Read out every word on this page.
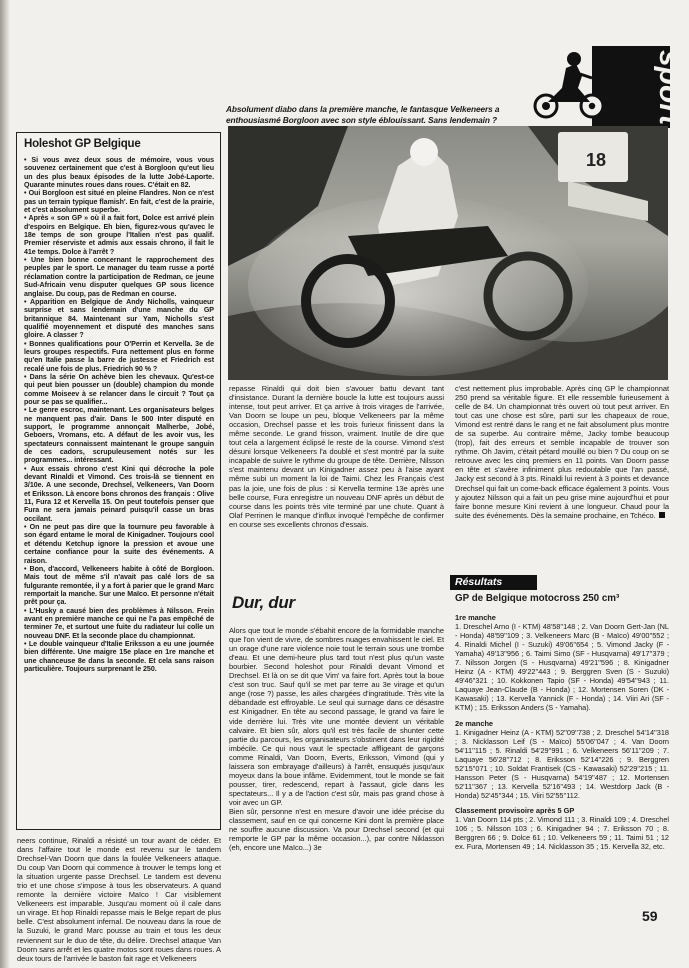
sport
Absolument diabo dans la première manche, le fantasque Velkeneers a enthousiasmé Borgloon avec son style éblouissant. Sans lendemain ?
18
Holeshot GP Belgique

• Si vous avez deux sous de mémoire, vous vous souvenez certainement que c'est à Borgloon qu'eut lieu un des plus beaux épisodes de la lutte Jobé-Laporte. Quarante minutes roues dans roues. C'était en 82.

• Oui Borgloon est situé en pleine Flandres. Non ce n'est pas un terrain typique flamish'. En fait, c'est de la prairie, et c'est absolument superbe.

• Après « son GP » où il a fait fort, Dolce est arrivé plein d'espoirs en Belgique. Eh bien, figurez-vous qu'avec le 18e temps de son groupe l'Italien n'est pas qualif. Premier réserviste et admis aux essais chrono, il fait le 41e temps. Dolce à l'arrêt ?

• Une bien bonne concernant le rapprochement des peuples par le sport. Le manager du team russe a porté réclamation contre la participation de Redman, ce jeune Sud-Africain venu disputer quelques GP sous licence anglaise. Du coup, pas de Redman en course.

• Apparition en Belgique de Andy Nicholls, vainqueur surprise et sans lendemain d'une manche du GP britannique 84. Maintenant sur Yam, Nicholls s'est qualifié moyennement et disputé des manches sans gloire. A classer ?

• Bonnes qualifications pour O'Perrin et Kervella. 3e de leurs groupes respectifs. Fura nettement plus en forme qu'en Italie passe la barre de justesse et Friedrich est recalé une fois de plus. Friedrich 90 % ?

• Dans la série On achève bien les chevaux. Qu'est-ce qui peut bien pousser un (double) champion du monde comme Moiseev à se relancer dans le circuit ? Tout ça pour se pas se qualifier...

• Le genre escroc, maintenant. Les organisateurs belges ne manquent pas d'air. Dans le 500 Inter disputé en support, le programme annonçait Malherbe, Jobé, Geboers, Vromans, etc. A défaut de les avoir vus, les spectateurs connaissent maintenant le groupe sanguin de ces cadors, scrupuleusement notés sur les programmes... intéressant.

• Aux essais chrono c'est Kini qui décroche la pole devant Rinaldi et Vimond. Ces trois-là se tiennent en 3/10e. A une seconde, Drechsel, Velkeneers, Van Doorn et Eriksson. Là encore bons chronos des français : Olive 11, Fura 12 et Kervella 15. On peut toutefois penser que Fura ne sera jamais peinard puisqu'il casse un bras occilant.

• On ne peut pas dire que la tournure peu favorable à son égard entame le moral de Kinigadner. Toujours cool et détendu Ketchup ignore la pression et avoue une certaine confiance pour la suite des événements. A raison.

• Bon, d'accord, Velkeneers habite à côté de Borgloon. Mais tout de même s'il n'avait pas calé lors de sa fulgurante remontée, il y a fort à parier que le grand Marc remportait la manche. Sur une Maïco. Et personne n'était prêt pour ça.

• L'Husky a causé bien des problèmes à Nilsson. Frein avant en première manche ce qui ne l'a pas empêché de terminer 7e, et surtout une fuite du radiateur lui colle un nouveau DNF. Et la seconde place du championnat.

• Le double vainqueur d'Italie Eriksson a eu une journée bien différente. Une maigre 15e place en 1re manche et une chanceuse 8e dans la seconde. Et cela sans raison particulière. Toujours surprenant le 250.

neers continue, Rinaldi a résisté un tour avant de céder. Et dans l'affaire tout le monde est revenu sur le tandem Drechsel-Van Doorn que dans la foulée Velkeneers attaque. Du coup Van Doorn qui commence à trouver le temps long et la situation urgente passe Drechsel. Le tandem est devenu trio et une chose s'impose à tous les observateurs. A quand remonte la dernière victoire Maïco ! Car visiblement Velkeneers est imparable. Jusqu'au moment où il cale dans un virage. Et hop Rinaldi repasse mais le Belge repart de plus belle. C'est absolument infernal. De nouveau dans la roue de la Suzuki, le grand Marc pousse au train et tous les deux reviennent sur le duo de tête, du délire. Drechsel attaque Van Doorn sans arrêt et les quatre motos sont roues dans roues. A deux tours de l'arrivée le baston fait rage et Velkeneers

repasse Rinaldi qui doit bien s'avouer battu devant tant d'insistance. Durant la dernière boucle la lutte est toujours aussi intense, tout peut arriver. Et ça arrive à trois virages de l'arrivée, Van Doorn se loupe un peu, bloque Velkeneers par la même occasion, Drechsel passe et les trois furieux finissent dans la même seconde. Le grand frisson, vraiment. Inutile de dire que tout cela a largement éclipsé le reste de la course. Vimond s'est désuni lorsque Velkeneers l'a doublé et s'est montré par la suite incapable de suivre le rythme du groupe de tête. Derrière, Nilsson s'est maintenu devant un Kinigadner assez peu à l'aise ayant même subi un moment la loi de Taimi. Chez les Français c'est pas la joie, une fois de plus : si Kervella termine 13e après une belle course, Fura enregistre un nouveau DNF après un début de course dans les points très vite terminé par une chute. Quant à Olaf Perrinen le manque d'influx invoqué l'empêche de confirmer en course ses excellents chronos d'essais.

Dur, dur

Alors que tout le monde s'ébahit encore de la formidable manche que l'on vient de vivre, de sombres nuages envahissent le ciel. Et un orage d'une rare violence noie tout le terrain sous une trombe d'eau. Et une demi-heure plus tard tout n'est plus qu'un vaste bourbier. Second holeshot pour Rinaldi devant Vimond et Drechsel. Et là on se dit que Vim' va faire fort. Après tout la boue c'est son truc. Sauf qu'il se met par terre au 3e virage et qu'un ange (rose ?) passe, les ailes chargées d'ingratitude. Très vite la débandade est effroyable. Le seul qui surnage dans ce désastre est Kinigadner. En tête au second passage, le grand va faire le vide derrière lui. Très vite une montée devient un véritable calvaire. Et bien sûr, alors qu'il est très facile de shunter cette partie du parcours, les organisateurs s'obstinent dans leur rigidité imbécile. Ce qui nous vaut le spectacle affligeant de garçons comme Rinaldi, Van Doorn, Everts, Eriksson, Vimond (qui y laissera son embrayage d'ailleurs) à l'arrêt, ensuqués jusqu'aux moyeux dans la boue infâme. Evidemment, tout le monde se fait pousser, tirer, redescend, repart à l'assaut, gicle dans les spectateurs... Il y a de l'action c'est sûr, mais pas grand chose à voir avec un GP.
Bien sûr, personne n'est en mesure d'avoir une idée précise du classement, sauf en ce qui concerne Kini dont la première place ne souffre aucune discussion. Va pour Drechsel second (et qui remporte le GP par la même occasion...), par contre Niklasson (eh, encore une Maïco...) 3e

c'est nettement plus improbable. Après cinq GP le championnat 250 prend sa véritable figure. Et elle ressemble furieusement à celle de 84. Un championnat très ouvert où tout peut arriver. En tout cas une chose est sûre, parti sur les chapeaux de roue, Vimond est rentré dans le rang et ne fait absolument plus montre de sa superbe. Au contraire même, Jacky tombe beaucoup (trop), fait des erreurs et semble incapable de trouver son rythme. Oh Javim, c'était pétard mouillé ou bien ? Du coup on se retrouve avec les cinq premiers en 11 points. Van Doorn passe en tête et s'avère infiniment plus redoutable que l'an passé, Jacky est second à 3 pts. Rinaldi lui revient à 3 points et devance Drechsel qui fait un come-back efficace également 3 points. Vous y ajoutez Nilsson qui a fait un peu grise mine aujourd'hui et pour faire bonne mesure Kini revient à une longueur. Chaud pour la suite des événements. Dès la semaine prochaine, en Tchéco.

Résultats
GP de Belgique motocross 250 cm³
1re manche

1. Dreschel Arno (I - KTM) 48'58''148 ; 2. Van Doorn Gert-Jan (NL - Honda) 48'59''109 ; 3. Velkeneers Marc (B - Maïco) 49'00''552 ; 4. Rinaldi Michel (I - Suzuki) 49'06''654 ; 5. Vimond Jacky (F - Yamaha) 49'13''956 ; 6. Taimi Simo (SF - Husqvarna) 49'17''379 ; 7. Nilsson Jorgen (S - Husqvarna) 49'21''596 ; 8. Kinigadner Heinz (A - KTM) 49'22''443 ; 9. Berggren Sven (S - Suzuki) 49'46''321 ; 10. Kokkonen Tapio (SF - Honda) 49'54''943 ; 11. Laquaye Jean-Claude (B - Honda) ; 12. Mortensen Soren (DK - Kawasaki) ; 13. Kervella Yannick (F - Honda) ; 14. Viiri Ari (SF - KTM) ; 15. Eriksson Anders (S - Yamaha).

2e manche

1. Kinigadner Heinz (A - KTM) 52''09''738 ; 2. Dreschel 54'14''318 ; 3. Nicklasson Leif (S - Maïco) 55'06''047 ; 4. Van Doorn 54'11''115 ; 5. Rinaldi 54'29''991 ; 6. Velkeneers 56'11''209 ; 7. Laquaye 56'28''712 ; 8. Eriksson 52'14''226 ; 9. Berggren 52'15''071 ; 10. Soldat Frantisek (CS - Kawasaki) 52'29''215 ; 11. Hansson Peter (S - Husqvarna) 54'19''487 ; 12. Mortensen 52'11''367 ; 13. Kervella 52'16''493 ; 14. Westdorp Jack (B - Honda) 52'45''344 ; 15. Viiri 52'55''112.

Classement provisoire après 5 GP

1. Van Doorn 114 pts ; 2. Vimond 111 ; 3. Rinaldi 109 ; 4. Dreschel 106 ; 5. Nilsson 103 ; 6. Kinigadner 94 ; 7. Eriksson 70 ; 8. Berggren 66 ; 9. Dolce 61 ; 10. Velkeneers 59 ; 11. Taimi 51 ; 12 ex. Fura, Mortensen 49 ; 14. Nicklasson 35 ; 15. Kervella 32, etc.

59
